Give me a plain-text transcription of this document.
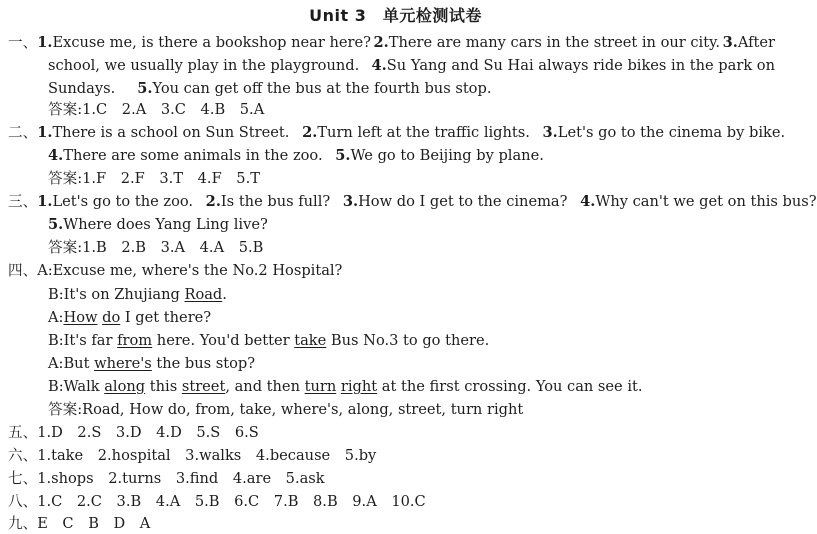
Unit 3　单元检测试卷
一、1.Excuse me, is there a bookshop near here? 2.There are many cars in the street in our city. 3.After
Sundays. 5.You can get off the bus at the fourth bus stop.
答案:1.C　2.A　3.C　4.B　5.A
二、1.There is a school on Sun Street. 2.Turn left at the traffic lights. 3.Let's go to the cinema by bike.
4.There are some animals in the zoo. 5.We go to Beijing by plane.
答案:1.F　2.F　3.T　4.F　5.T
三、1.Let's go to the zoo. 2.Is the bus full? 3.How do I get to the cinema? 4.Why can't we get on this bus?
5.Where does Yang Ling live?
答案:1.B　2.B　3.A　4.A　5.B
四、A:Excuse me, where's the No.2 Hospital?
B:It's on Zhujiang Road.
A:How do I get there?
B:It's far from here. You'd better take Bus No.3 to go there.
A:But where's the bus stop?
B:Walk along this street, and then turn right at the first crossing. You can see it.
答案:Road, How do, from, take, where's, along, street, turn right
五、1.D　2.S　3.D　4.D　5.S　6.S
六、1.take　2.hospital　3.walks　4.because　5.by
七、1.shops　2.turns　3.find　4.are　5.ask
八、1.C　2.C　3.B　4.A　5.B　6.C　7.B　8.B　9.A　10.C
九、E　C　B　D　A
school, we usually play in the playground. 4.Su Yang and Su Hai always ride bikes in the park on
